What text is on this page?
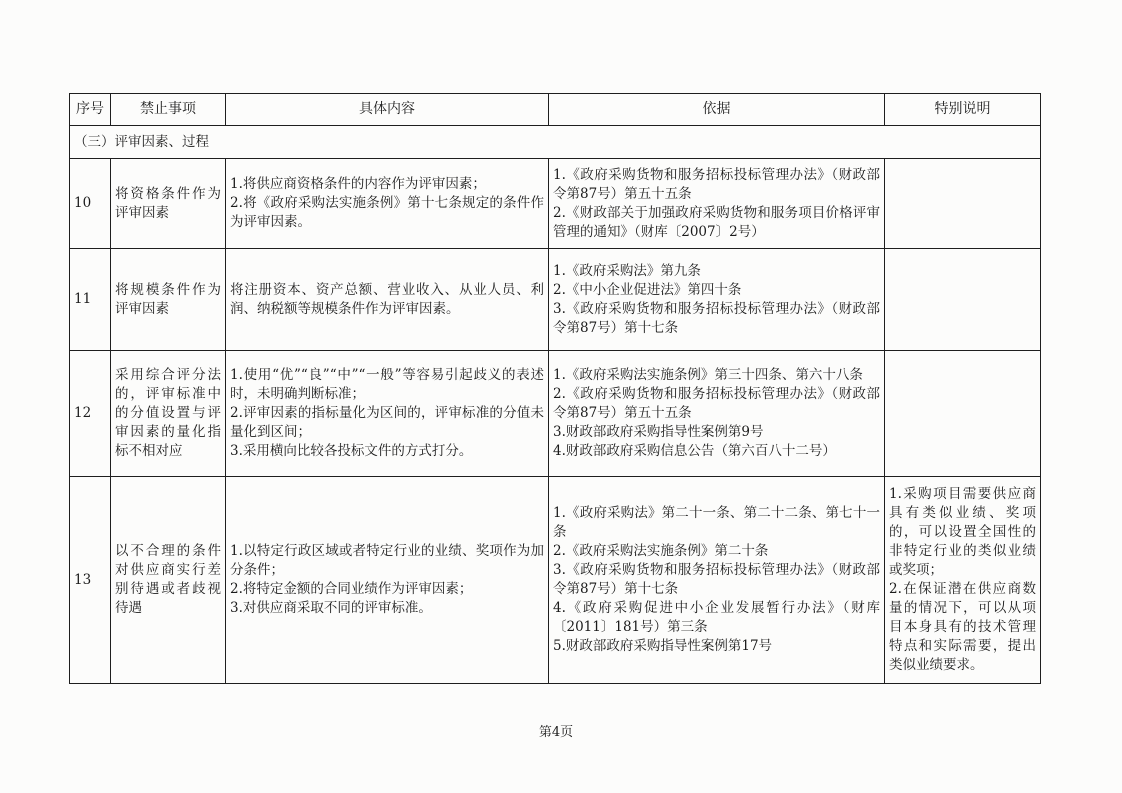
序号	禁止事项	具体内容	依据	特别说明
（三）评审因素、过程				
10	将资格条件作为评审因素	1.将供应商资格条件的内容作为评审因素；
2.将《政府采购法实施条例》第十七条规定的条件作为评审因素。	1.《政府采购货物和服务招标投标管理办法》（财政部令第87号）第五十五条
2.《财政部关于加强政府采购货物和服务项目价格评审管理的通知》（财库〔2007〕2号）	

11	将规模条件作为评审因素	将注册资本、资产总额、营业收入、从业人员、利润、纳税额等规模条件作为评审因素。	1.《政府采购法》第九条
2.《中小企业促进法》第四十条
3.《政府采购货物和服务招标投标管理办法》（财政部令第87号）第十七条	

12	采用综合评分法的，评审标准中的分值设置与评审因素的量化指标不相对应	1.使用“优”“良”“中”“一般”等容易引起歧义的表述时，未明确判断标准；
2.评审因素的指标量化为区间的，评审标准的分值未量化到区间；
3.采用横向比较各投标文件的方式打分。	1.《政府采购法实施条例》第三十四条、第六十八条
2.《政府采购货物和服务招标投标管理办法》（财政部令第87号）第五十五条
3.财政部政府采购指导性案例第9号
4.财政部政府采购信息公告（第六百八十二号）	

13	以不合理的条件对供应商实行差别待遇或者歧视待遇	1.以特定行政区域或者特定行业的业绩、奖项作为加分条件；
2.将特定金额的合同业绩作为评审因素；
3.对供应商采取不同的评审标准。	1.《政府采购法》第二十一条、第二十二条、第七十一条
2.《政府采购法实施条例》第二十条
3.《政府采购货物和服务招标投标管理办法》（财政部令第87号）第十七条
4.《政府采购促进中小企业发展暂行办法》（财库〔2011〕181号）第三条
5.财政部政府采购指导性案例第17号	1.采购项目需要供应商具有类似业绩、奖项的，可以设置全国性的非特定行业的类似业绩或奖项；
2.在保证潜在供应商数量的情况下，可以从项目本身具有的技术管理特点和实际需要，提出类似业绩要求。
第4页
